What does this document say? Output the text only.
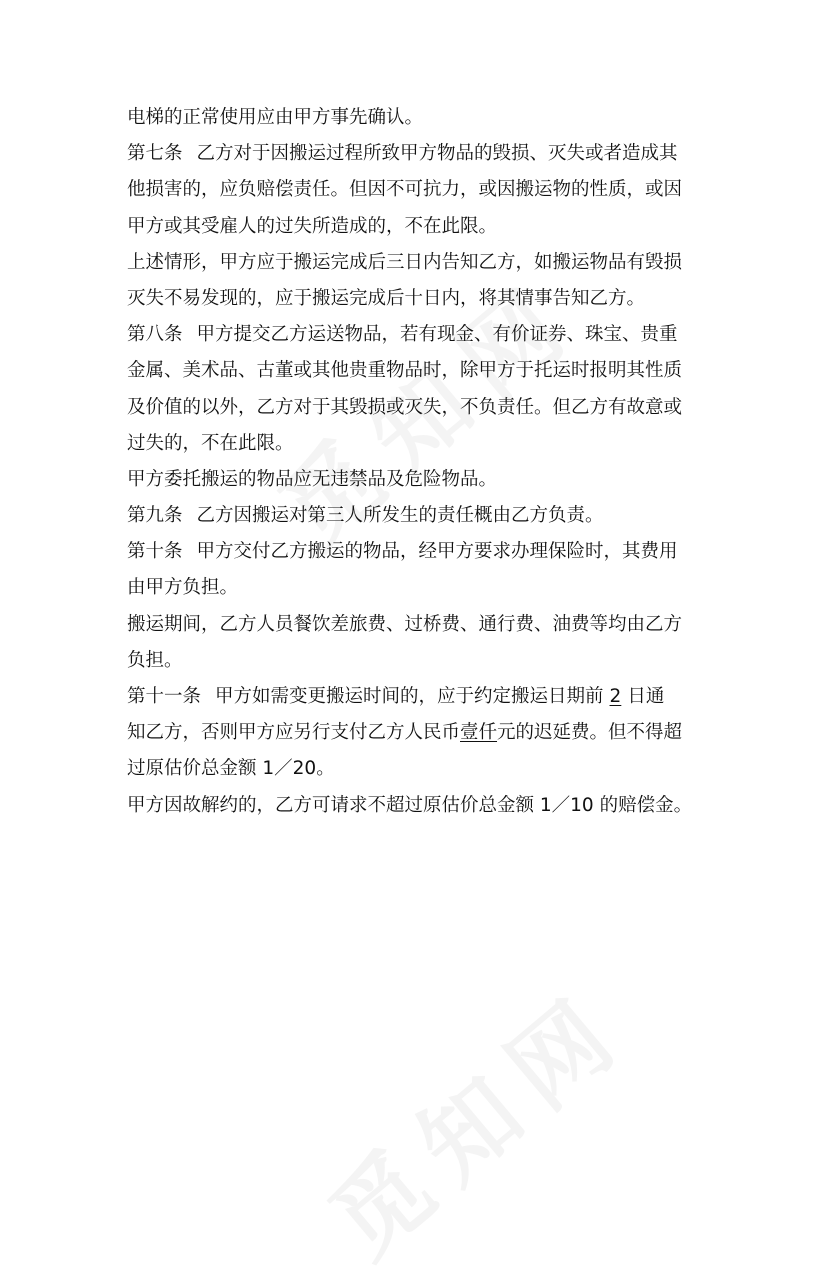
电梯的正常使用应由甲方事先确认。
第七条 乙方对于因搬运过程所致甲方物品的毁损、灭失或者造成其
他损害的，应负赔偿责任。但因不可抗力，或因搬运物的性质，或因
甲方或其受雇人的过失所造成的，不在此限。
上述情形，甲方应于搬运完成后三日内告知乙方，如搬运物品有毁损
灭失不易发现的，应于搬运完成后十日内，将其情事告知乙方。
第八条 甲方提交乙方运送物品，若有现金、有价证券、珠宝、贵重
金属、美术品、古董或其他贵重物品时，除甲方于托运时报明其性质
及价值的以外，乙方对于其毁损或灭失，不负责任。但乙方有故意或
过失的，不在此限。
甲方委托搬运的物品应无违禁品及危险物品。
第九条 乙方因搬运对第三人所发生的责任概由乙方负责。
第十条 甲方交付乙方搬运的物品，经甲方要求办理保险时，其费用
由甲方负担。
搬运期间，乙方人员餐饮差旅费、过桥费、通行费、油费等均由乙方
负担。
第十一条 甲方如需变更搬运时间的，应于约定搬运日期前 2 日通
知乙方，否则甲方应另行支付乙方人民币壹仟元的迟延费。但不得超
过原估价总金额 1／20。
甲方因故解约的，乙方可请求不超过原估价总金额 1／10 的赔偿金。
